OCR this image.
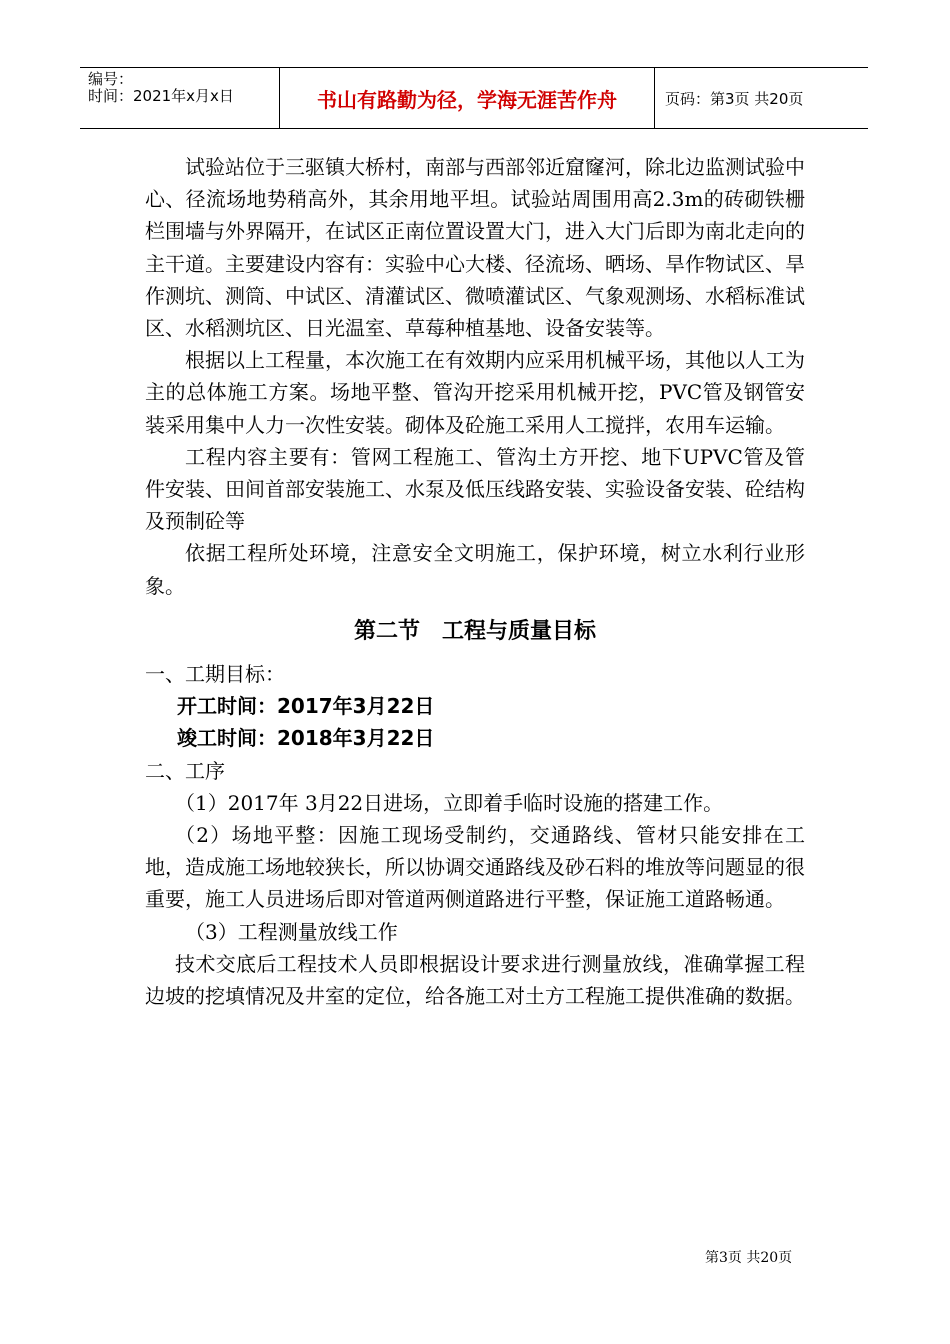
编号：
时间：2021年x月x日	书山有路勤为径，学海无涯苦作舟	页码：第3页 共20页

试验站位于三驱镇大桥村，南部与西部邻近窟窿河，除北边监测试验中心、径流场地势稍高外，其余用地平坦。试验站周围用高2.3m的砖砌铁栅栏围墙与外界隔开，在试区正南位置设置大门，进入大门后即为南北走向的主干道。主要建设内容有：实验中心大楼、径流场、晒场、旱作物试区、旱作测坑、测筒、中试区、清灌试区、微喷灌试区、气象观测场、水稻标准试区、水稻测坑区、日光温室、草莓种植基地、设备安装等。

根据以上工程量，本次施工在有效期内应采用机械平场，其他以人工为主的总体施工方案。场地平整、管沟开挖采用机械开挖，PVC管及钢管安装采用集中人力一次性安装。砌体及砼施工采用人工搅拌，农用车运输。

工程内容主要有：管网工程施工、管沟土方开挖、地下UPVC管及管件安装、田间首部安装施工、水泵及低压线路安装、实验设备安装、砼结构及预制砼等

依据工程所处环境，注意安全文明施工，保护环境，树立水利行业形象。

第二节　工程与质量目标

一、工期目标：

开工时间：2017年3月22日

竣工时间：2018年3月22日

二、工序

（1）2017年 3月22日进场，立即着手临时设施的搭建工作。

（2）场地平整：因施工现场受制约，交通路线、管材只能安排在工地，造成施工场地较狭长，所以协调交通路线及砂石料的堆放等问题显的很重要，施工人员进场后即对管道两侧道路进行平整，保证施工道路畅通。

（3）工程测量放线工作

技术交底后工程技术人员即根据设计要求进行测量放线，准确掌握工程边坡的挖填情况及井室的定位，给各施工对土方工程施工提供准确的数据。

第3页 共20页
